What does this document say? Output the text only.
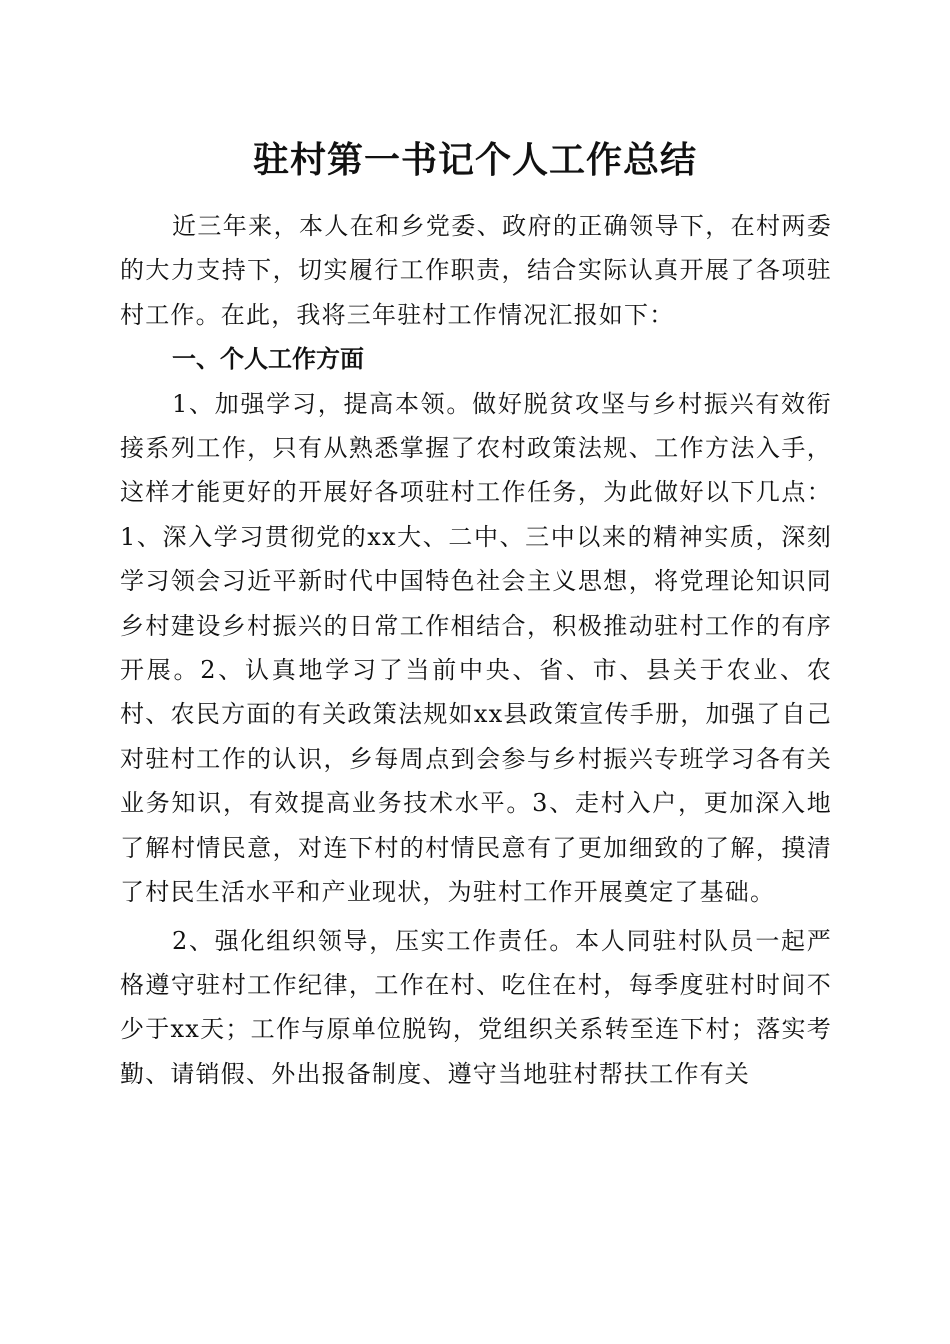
驻村第一书记个人工作总结

近三年来，本人在和乡党委、政府的正确领导下，在村两委的大力支持下，切实履行工作职责，结合实际认真开展了各项驻村工作。在此，我将三年驻村工作情况汇报如下：

一、个人工作方面

1、加强学习，提高本领。做好脱贫攻坚与乡村振兴有效衔接系列工作，只有从熟悉掌握了农村政策法规、工作方法入手，这样才能更好的开展好各项驻村工作任务，为此做好以下几点：1、深入学习贯彻党的xx大、二中、三中以来的精神实质，深刻学习领会习近平新时代中国特色社会主义思想，将党理论知识同乡村建设乡村振兴的日常工作相结合，积极推动驻村工作的有序开展。2、认真地学习了当前中央、省、市、县关于农业、农村、农民方面的有关政策法规如xx县政策宣传手册，加强了自己对驻村工作的认识，乡每周点到会参与乡村振兴专班学习各有关业务知识，有效提高业务技术水平。3、走村入户，更加深入地了解村情民意，对连下村的村情民意有了更加细致的了解，摸清了村民生活水平和产业现状，为驻村工作开展奠定了基础。

2、强化组织领导，压实工作责任。本人同驻村队员一起严格遵守驻村工作纪律，工作在村、吃住在村，每季度驻村时间不少于xx天；工作与原单位脱钩，党组织关系转至连下村；落实考勤、请销假、外出报备制度、遵守当地驻村帮扶工作有关
